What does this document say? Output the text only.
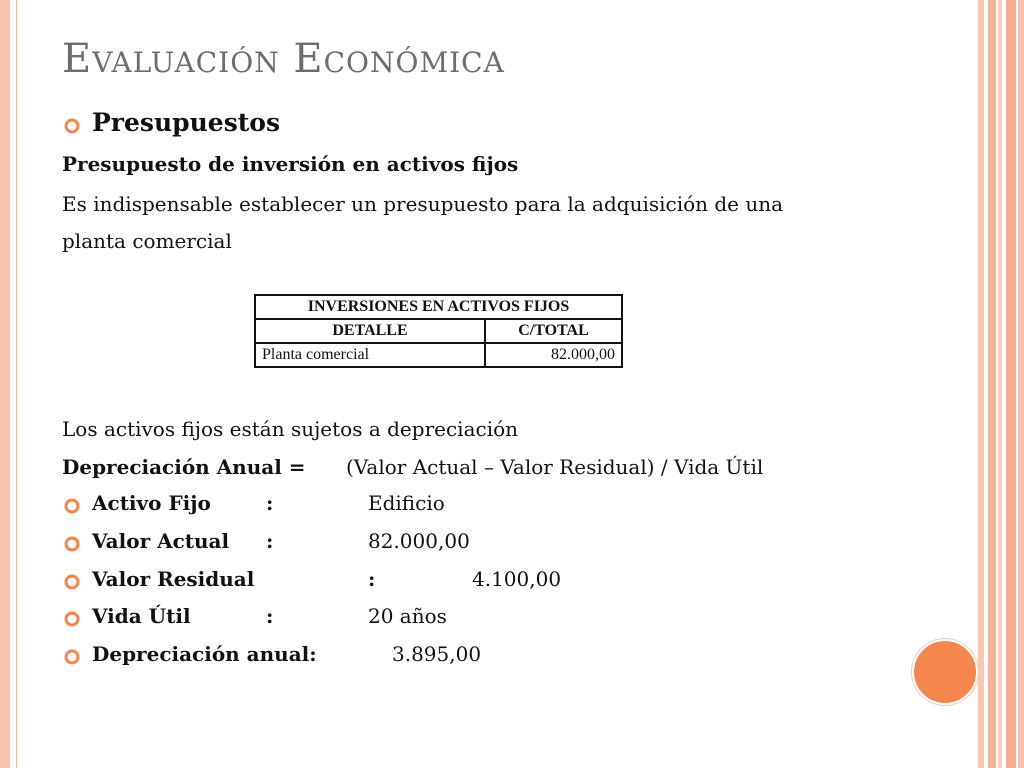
Evaluación Económica
Presupuestos
Presupuesto de inversión en activos fijos
Es indispensable establecer un presupuesto para la adquisición de una
planta comercial
INVERSIONES EN ACTIVOS FIJOS	
DETALLE	C/TOTAL
Planta comercial	82.000,00
Los activos fijos están sujetos a depreciación
Depreciación Anual = (Valor Actual – Valor Residual) / Vida Útil
Activo Fijo	:	Edificio
Valor Actual :	82.000,00
Valor Residual	:	4.100,00
Vida Útil	:	20 años
Depreciación anual:	3.895,00
